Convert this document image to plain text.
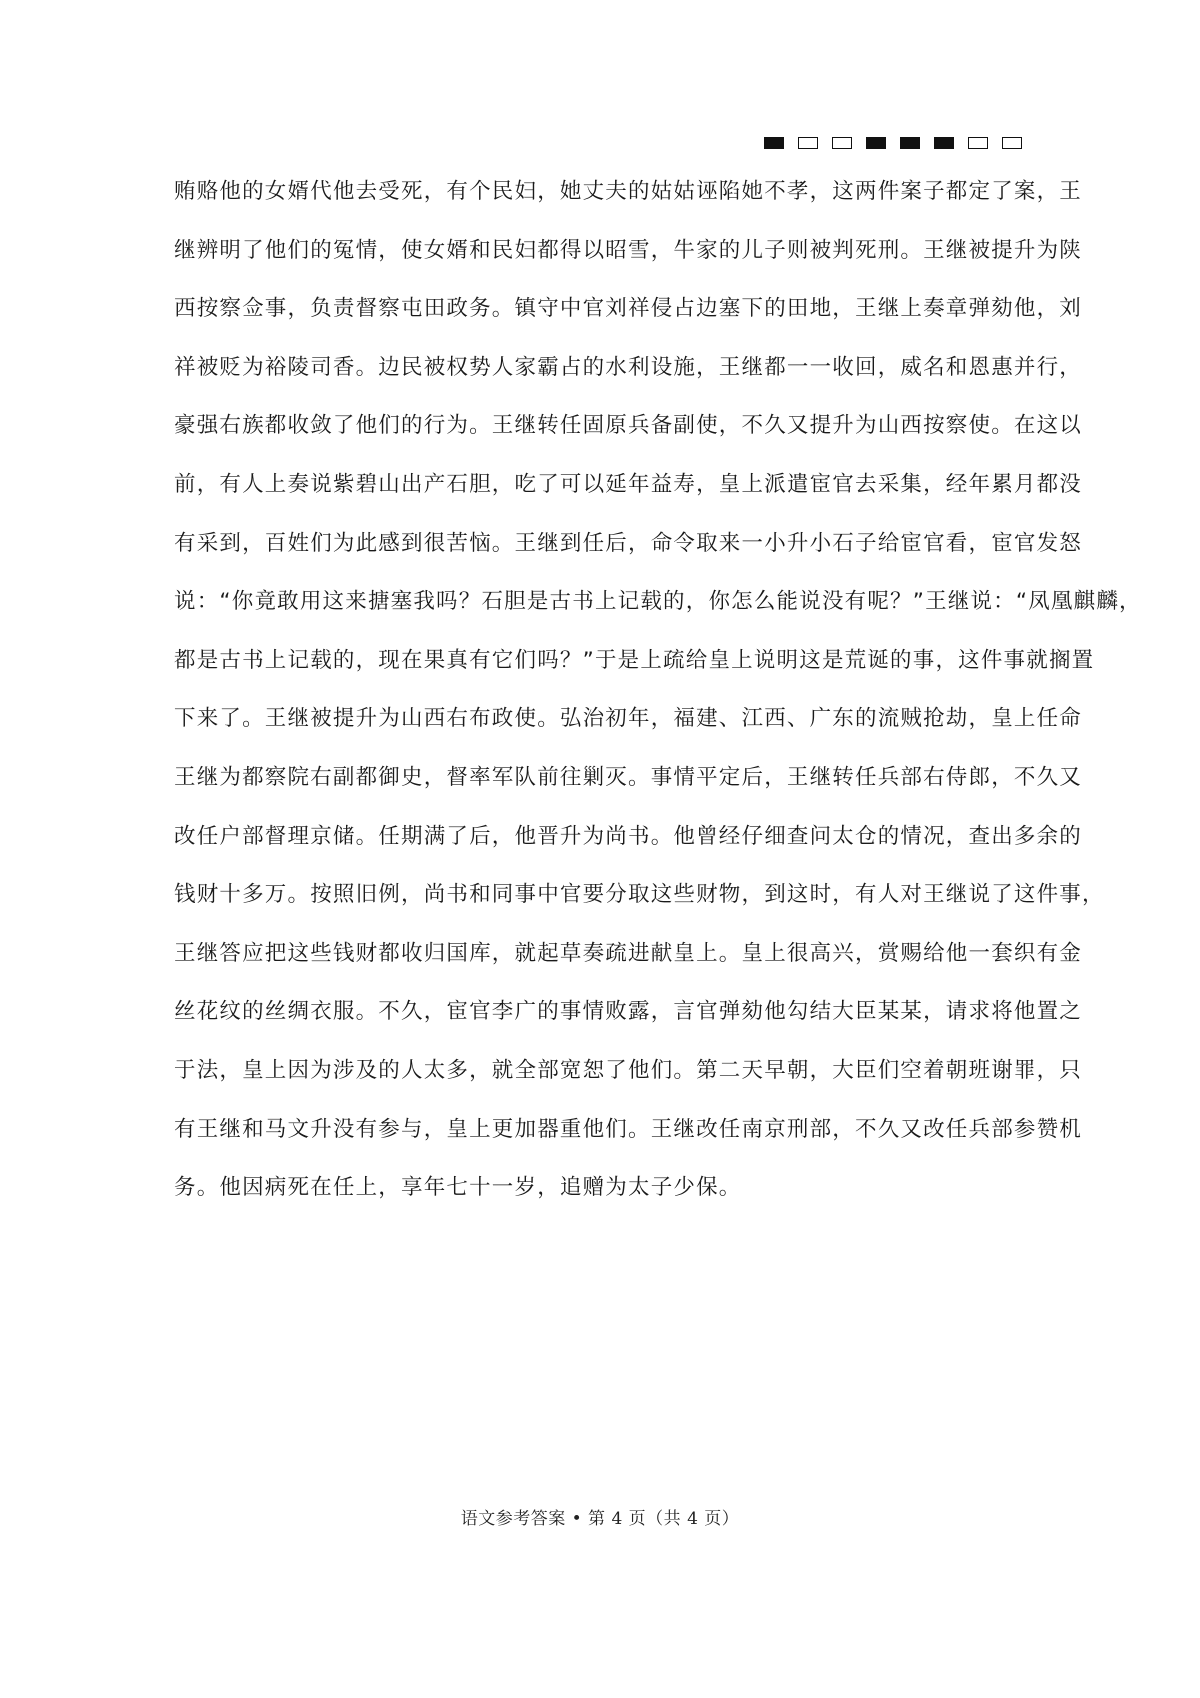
贿赂他的女婿代他去受死，有个民妇，她丈夫的姑姑诬陷她不孝，这两件案子都定了案，王
继辨明了他们的冤情，使女婿和民妇都得以昭雪，牛家的儿子则被判死刑。王继被提升为陕
西按察佥事，负责督察屯田政务。镇守中官刘祥侵占边塞下的田地，王继上奏章弹劾他，刘
祥被贬为裕陵司香。边民被权势人家霸占的水利设施，王继都一一收回，威名和恩惠并行，
豪强右族都收敛了他们的行为。王继转任固原兵备副使，不久又提升为山西按察使。在这以
前，有人上奏说紫碧山出产石胆，吃了可以延年益寿，皇上派遣宦官去采集，经年累月都没
有采到，百姓们为此感到很苦恼。王继到任后，命令取来一小升小石子给宦官看，宦官发怒
说：“你竟敢用这来搪塞我吗？石胆是古书上记载的，你怎么能说没有呢？”王继说：“凤凰麒麟，
都是古书上记载的，现在果真有它们吗？”于是上疏给皇上说明这是荒诞的事，这件事就搁置
下来了。王继被提升为山西右布政使。弘治初年，福建、江西、广东的流贼抢劫，皇上任命
王继为都察院右副都御史，督率军队前往剿灭。事情平定后，王继转任兵部右侍郎，不久又
改任户部督理京储。任期满了后，他晋升为尚书。他曾经仔细查问太仓的情况，查出多余的
钱财十多万。按照旧例，尚书和同事中官要分取这些财物，到这时，有人对王继说了这件事，
王继答应把这些钱财都收归国库，就起草奏疏进献皇上。皇上很高兴，赏赐给他一套织有金
丝花纹的丝绸衣服。不久，宦官李广的事情败露，言官弹劾他勾结大臣某某，请求将他置之
于法，皇上因为涉及的人太多，就全部宽恕了他们。第二天早朝，大臣们空着朝班谢罪，只
有王继和马文升没有参与，皇上更加器重他们。王继改任南京刑部，不久又改任兵部参赞机
务。他因病死在任上，享年七十一岁，追赠为太子少保。
语文参考答案 • 第 4 页（共 4 页）
